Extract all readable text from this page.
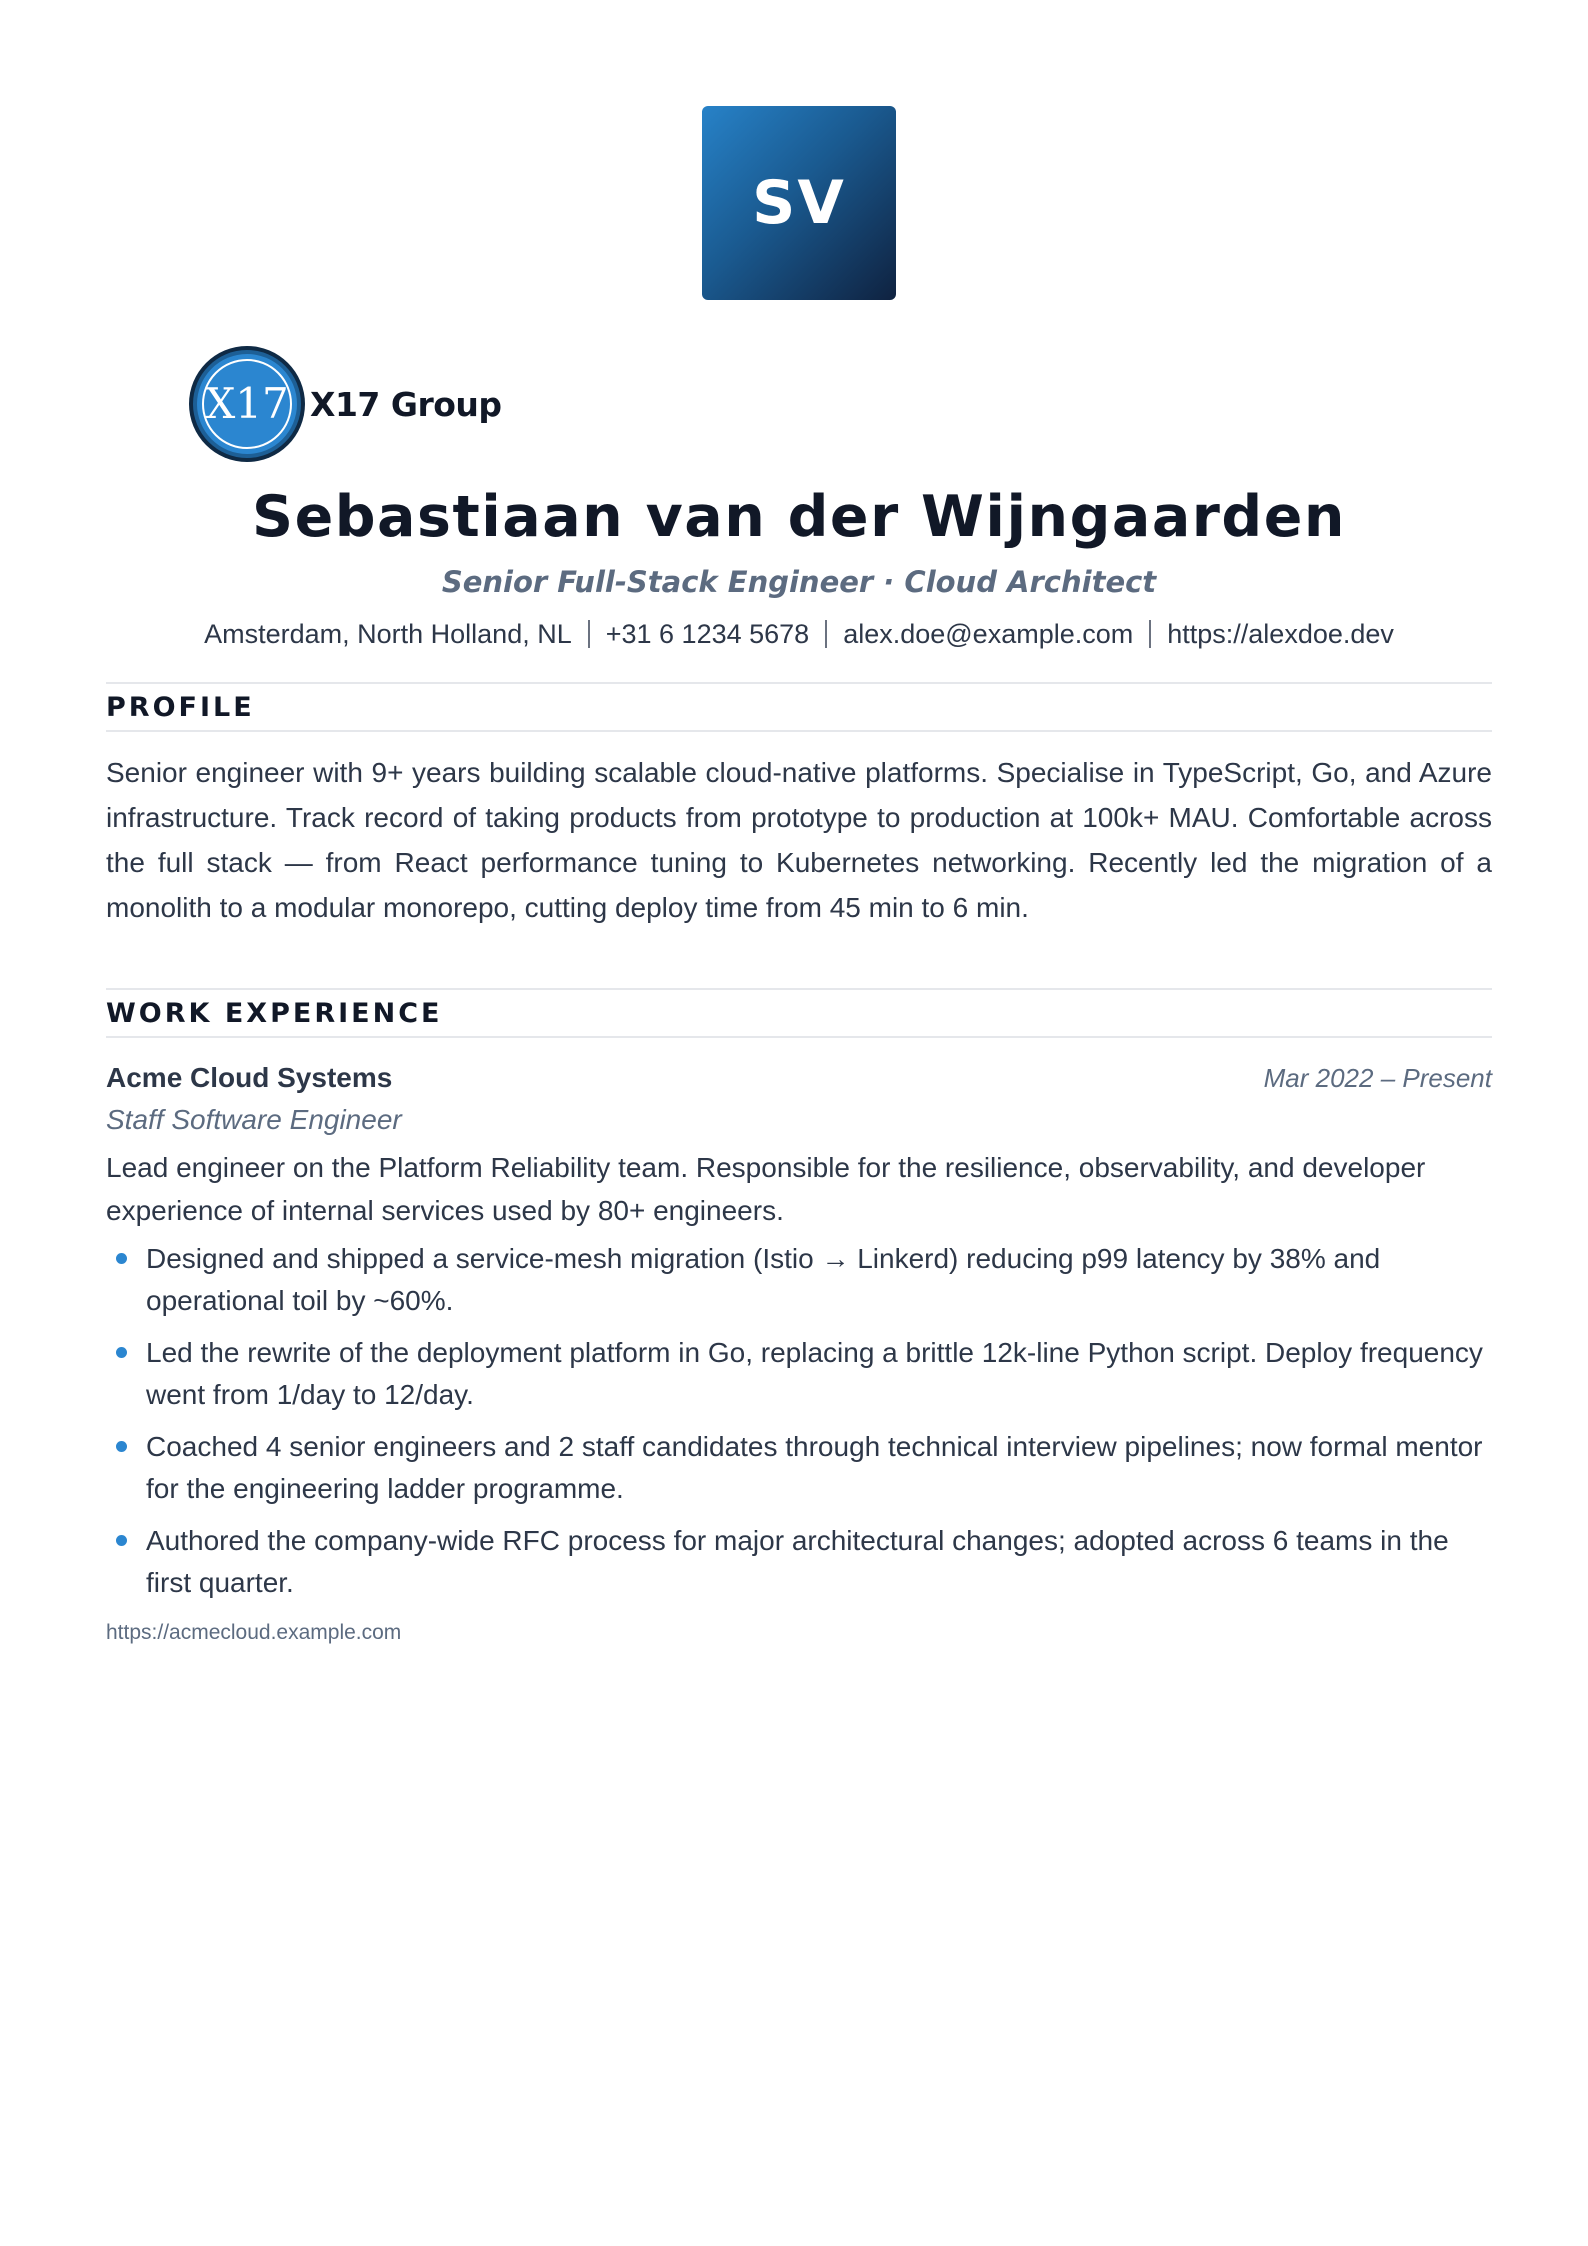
SV
X17 X17 Group
Sebastiaan van der Wijngaarden
Senior Full-Stack Engineer · Cloud Architect
Amsterdam, North Holland, NL +31 6 1234 5678 alex.doe@example.com https://alexdoe.dev
PROFILE
Senior engineer with 9+ years building scalable cloud-native platforms. Specialise in TypeScript, Go, and Azure infrastructure. Track record of taking products from prototype to production at 100k+ MAU. Comfortable across the full stack — from React performance tuning to Kubernetes networking. Recently led the migration of a monolith to a modular monorepo, cutting deploy time from 45 min to 6 min.
WORK EXPERIENCE
Acme Cloud Systems	Mar 2022 – Present
Staff Software Engineer
Lead engineer on the Platform Reliability team. Responsible for the resilience, observability, and developer experience of internal services used by 80+ engineers.
Designed and shipped a service-mesh migration (Istio → Linkerd) reducing p99 latency by 38% and operational toil by ~60%.
Led the rewrite of the deployment platform in Go, replacing a brittle 12k-line Python script. Deploy frequency went from 1/day to 12/day.
Coached 4 senior engineers and 2 staff candidates through technical interview pipelines; now formal mentor for the engineering ladder programme.
Authored the company-wide RFC process for major architectural changes; adopted across 6 teams in the first quarter.
https://acmecloud.example.com
